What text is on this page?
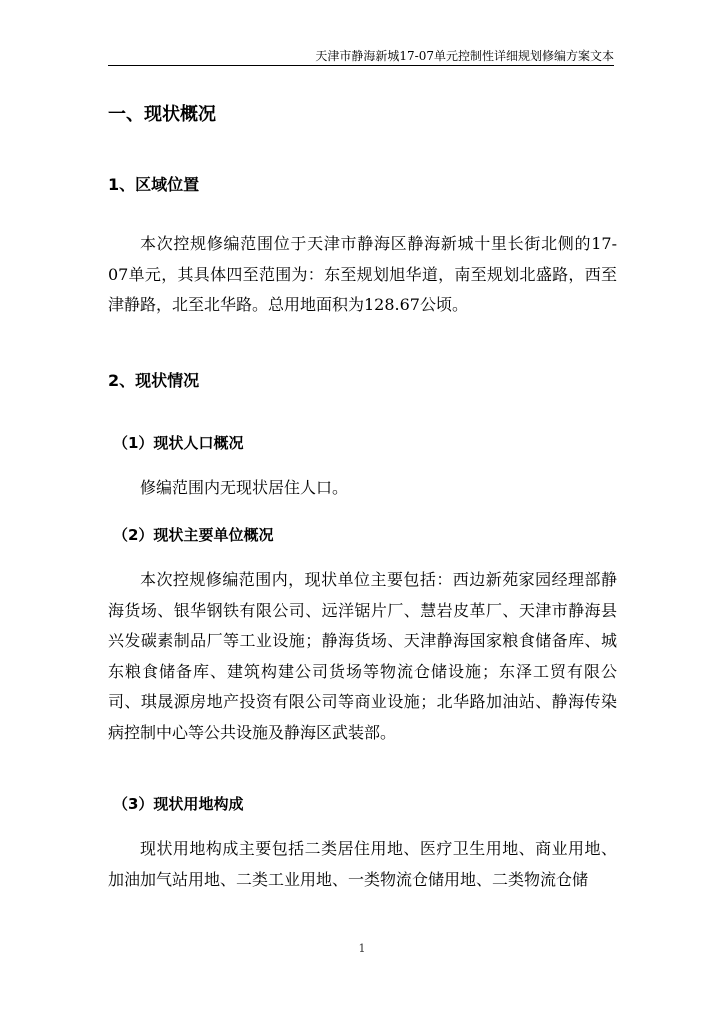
天津市静海新城17-07单元控制性详细规划修编方案文本
一、现状概况
1、区域位置

本次控规修编范围位于天津市静海区静海新城十里长街北侧的17-07单元，其具体四至范围为：东至规划旭华道，南至规划北盛路，西至津静路，北至北华路。总用地面积为128.67公顷。

2、现状情况
（1）现状人口概况

修编范围内无现状居住人口。

（2）现状主要单位概况

本次控规修编范围内，现状单位主要包括：西边新苑家园经理部静海货场、银华钢铁有限公司、远洋锯片厂、慧岩皮革厂、天津市静海县兴发碳素制品厂等工业设施；静海货场、天津静海国家粮食储备库、城东粮食储备库、建筑构建公司货场等物流仓储设施；东泽工贸有限公司、琪晟源房地产投资有限公司等商业设施；北华路加油站、静海传染病控制中心等公共设施及静海区武装部。

（3）现状用地构成

现状用地构成主要包括二类居住用地、医疗卫生用地、商业用地、加油加气站用地、二类工业用地、一类物流仓储用地、二类物流仓储

1
